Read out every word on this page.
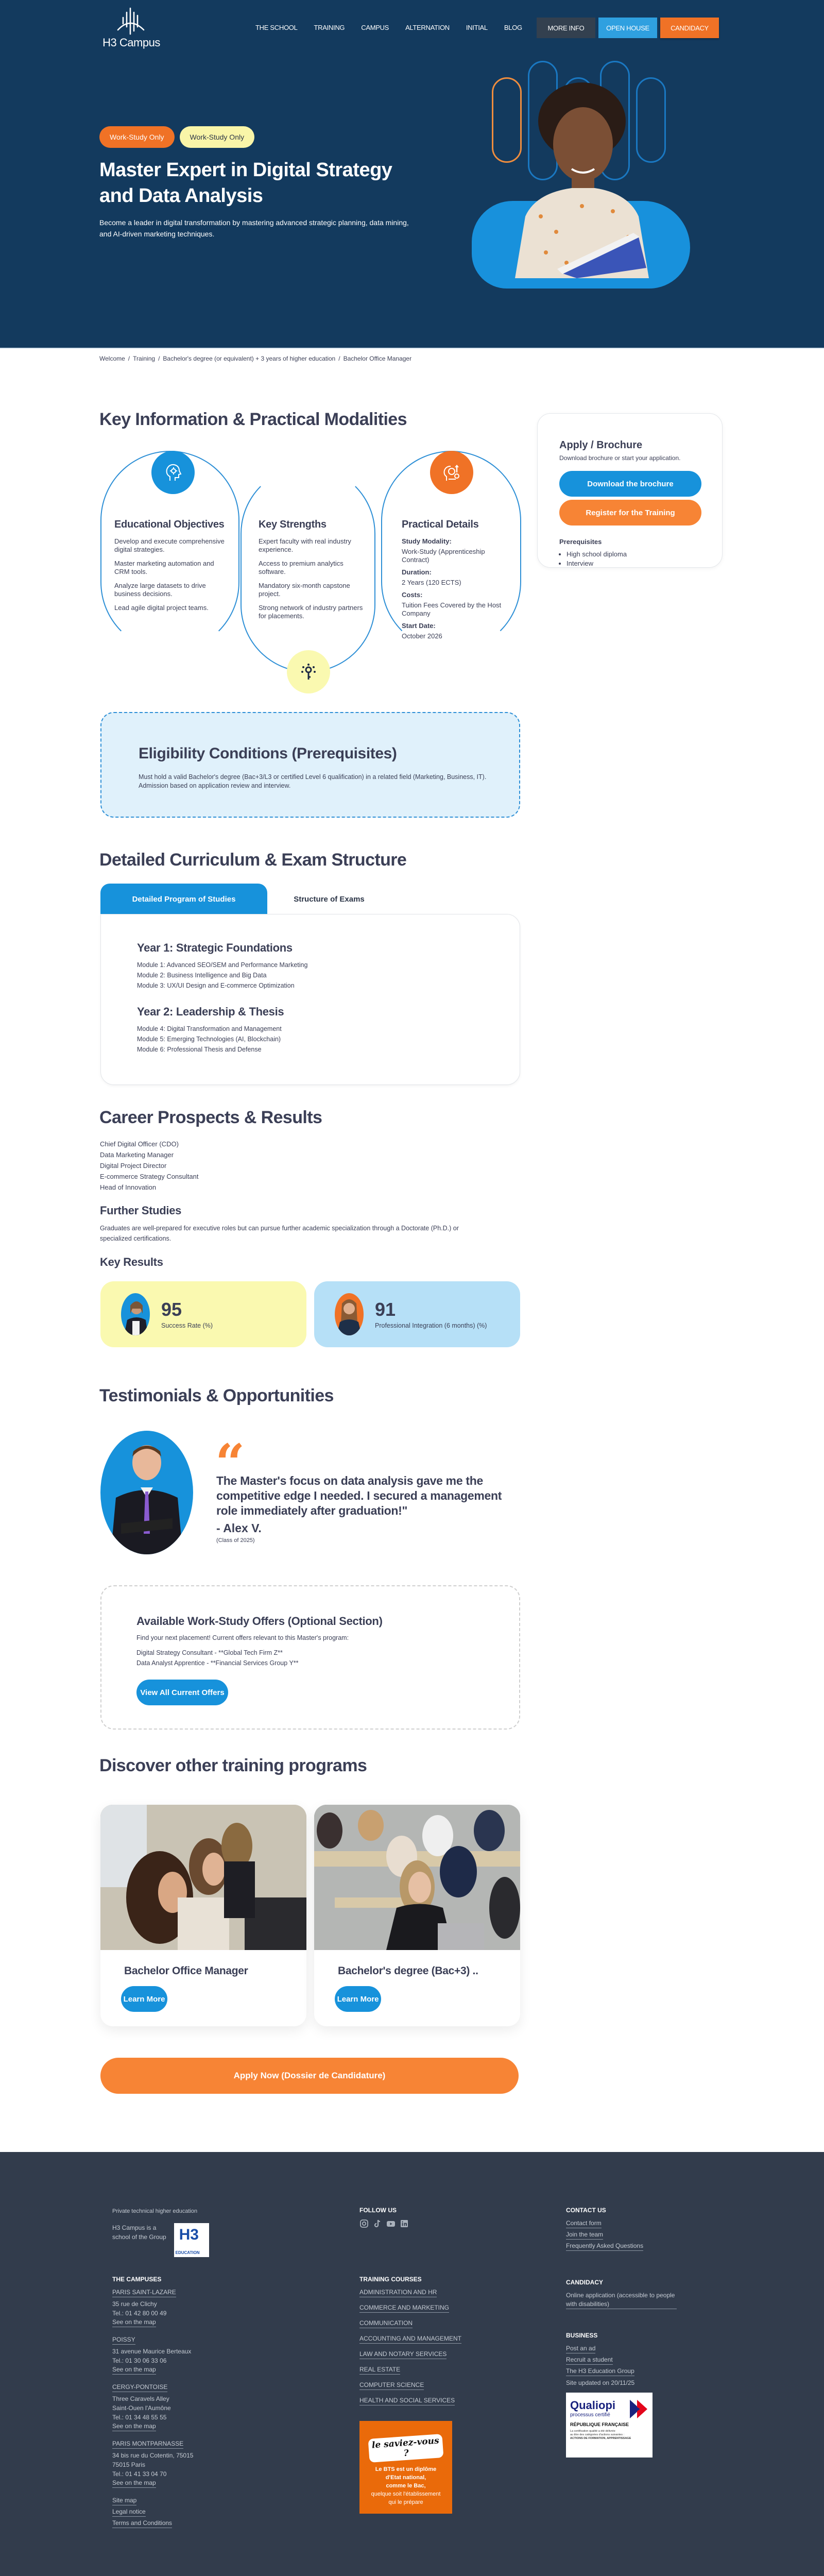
H3 Campus
THE SCHOOL	TRAINING	CAMPUS	ALTERNATION	INITIAL	BLOG	MORE INFO	OPEN HOUSE	CANDIDACY
Work-Study Only	Work-Study Only
Master Expert in Digital Strategy and Data Analysis

Become a leader in digital transformation by mastering advanced strategic planning, data mining, and AI-driven marketing techniques.

Welcome / Training / Bachelor's degree (or equivalent) + 3 years of higher education / Bachelor Office Manager
Key Information & Practical Modalities
Educational Objectives

Develop and execute comprehensive digital strategies.

Master marketing automation and CRM tools.

Analyze large datasets to drive business decisions.

Lead agile digital project teams.

Key Strengths

Expert faculty with real industry experience.

Access to premium analytics software.

Mandatory six-month capstone project.

Strong network of industry partners for placements.

Practical Details
Study Modality:
Work-Study (Apprenticeship Contract)
Duration:
2 Years (120 ECTS)
Costs:
Tuition Fees Covered by the Host Company
Start Date:
October 2026
Apply / Brochure
Download brochure or start your application.
Download the brochure
Register for the Training
Prerequisites
• High school diploma
• Interview
Eligibility Conditions (Prerequisites)

Must hold a valid Bachelor's degree (Bac+3/L3 or certified Level 6 qualification) in a related field (Marketing, Business, IT). Admission based on application review and interview.

Detailed Curriculum & Exam Structure
Detailed Program of Studies	Structure of Exams
Year 1: Strategic Foundations
Module 1: Advanced SEO/SEM and Performance Marketing
Module 2: Business Intelligence and Big Data
Module 3: UX/UI Design and E-commerce Optimization
Year 2: Leadership & Thesis
Module 4: Digital Transformation and Management
Module 5: Emerging Technologies (AI, Blockchain)
Module 6: Professional Thesis and Defense
Career Prospects & Results
Chief Digital Officer (CDO)
Data Marketing Manager
Digital Project Director
E-commerce Strategy Consultant
Head of Innovation
Further Studies

Graduates are well-prepared for executive roles but can pursue further academic specialization through a Doctorate (Ph.D.) or specialized certifications.

Key Results
95
Success Rate (%)
91
Professional Integration (6 months) (%)
Testimonials & Opportunities
“
The Master's focus on data analysis gave me the competitive edge I needed. I secured a management role immediately after graduation!"
- Alex V.
(Class of 2025)
Available Work-Study Offers (Optional Section)
Find your next placement! Current offers relevant to this Master's program:
Digital Strategy Consultant - **Global Tech Firm Z**
Data Analyst Apprentice - **Financial Services Group Y**
View All Current Offers
Discover other training programs
Bachelor Office Manager
Learn More
Bachelor's degree (Bac+3) ..
Learn More
Apply Now (Dossier de Candidature)
Private technical higher education
H3 Campus is a school of the Group H3
EDUCATION
THE CAMPUSES
PARIS SAINT-LAZARE
35 rue de Clichy
Tel.: 01 42 80 00 49
See on the map
POISSY
31 avenue Maurice Berteaux
Tel.: 01 30 06 33 06
See on the map
CERGY-PONTOISE
Three Caravels Alley
Saint-Ouen l'Aumône
Tel.: 01 34 48 55 55
See on the map
PARIS MONTPARNASSE
34 bis rue du Cotentin, 75015
75015 Paris
Tel.: 01 41 33 04 70
See on the map
Site map
Legal notice
Terms and Conditions
FOLLOW US
TRAINING COURSES
ADMINISTRATION AND HR
COMMERCE AND MARKETING
COMMUNICATION
ACCOUNTING AND MANAGEMENT
LAW AND NOTARY SERVICES
REAL ESTATE
COMPUTER SCIENCE
HEALTH AND SOCIAL SERVICES
le saviez-vous ?
Le BTS est un diplôme
d'Etat national,
comme le Bac,
quelque soit l'établissement
qui le prépare
CONTACT US
Contact form
Join the team
Frequently Asked Questions
CANDIDACY
Online application (accessible to people with disabilities)
BUSINESS
Post an ad
Recruit a student
The H3 Education Group
Site updated on 20/11/25
Qualiopi
processus certifié
RÉPUBLIQUE FRANÇAISE
La certification qualité a été délivrée
au titre des catégories d'actions suivantes :
ACTIONS DE FORMATION, APPRENTISSAGE
